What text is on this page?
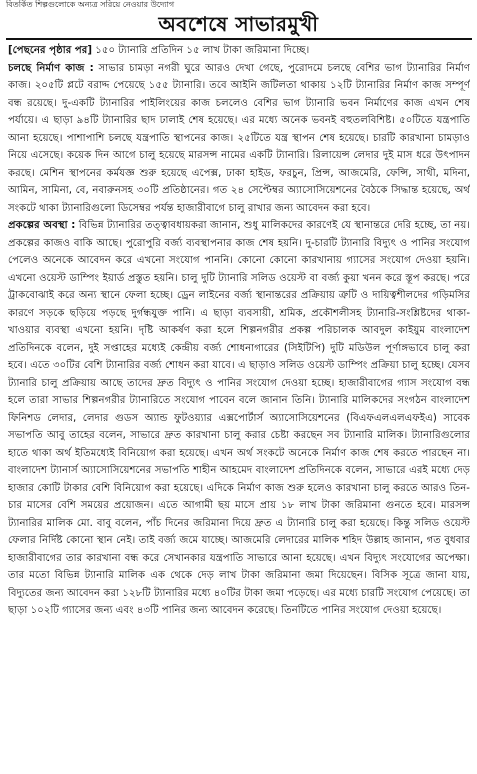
বিতর্কিত শিল্পগুলোকে অন্যত্র সরিয়ে নেওয়ার উদ্যোগ
অবশেষে সাভারমুখী

[পেছনের পৃষ্ঠার পর] ১৫০ ট্যানারি প্রতিদিন ১৫ লাখ টাকা জরিমানা দিচ্ছে।

চলছে নির্মাণ কাজ : সাভার চামড়া নগরী ঘুরে আরও দেখা গেছে, পুরোদমে চলছে বেশির ভাগ ট্যানারির নির্মাণ কাজ। ২০৫টি প্লটে বরাদ্দ পেয়েছে ১৫৫ ট্যানারি। তবে আইনি জটিলতা থাকায় ১২টি ট্যানারির নির্মাণ কাজ সম্পূর্ণ বন্ধ রয়েছে। দু-একটি ট্যানারির পাইলিংয়ের কাজ চললেও বেশির ভাগ ট্যানারি ভবন নির্মাণের কাজ এখন শেষ পর্যায়ে। এ ছাড়া ৯৪টি ট্যানারির ছাদ ঢালাই শেষ হয়েছে। এর মধ্যে অনেক ভবনই বহুতলবিশিষ্ট। ৫০টিতে যন্ত্রপাতি আনা হয়েছে। পাশাপাশি চলছে যন্ত্রপাতি স্থাপনের কাজ। ২৫টিতে যন্ত্র স্থাপন শেষ হয়েছে। চারটি কারখানা চামড়াও নিয়ে এসেছে। কয়েক দিন আগে চালু হয়েছে মারসন্স নামের একটি ট্যানারি। রিলায়েন্স লেদার দুই মাস ধরে উৎপাদন করছে। মেশিন স্থাপনের কর্মযজ্ঞ শুরু হয়েছে এপেক্স, ঢাকা হাইড, ফরচুন, প্রিন্স, আজমেরি, ফেন্সি, সাথী, মদিনা, আমিন, সামিনা, বে, নবারুনসহ ৩০টি প্রতিষ্ঠানের। গত ২৪ সেপ্টেম্বর অ্যাসোসিয়েশনের বৈঠকে সিদ্ধান্ত হয়েছে, অর্থ সংকটে থাকা ট্যানারিগুলো ডিসেম্বর পর্যন্ত হাজারীবাগে চালু রাখার জন্য আবেদন করা হবে।

প্রকল্পের অবস্থা : বিভিন্ন ট্যানারির তত্ত্বাবধায়করা জানান, শুধু মালিকদের কারণেই যে স্থানান্তরে দেরি হচ্ছে, তা নয়। প্রকল্পের কাজও বাকি আছে। পুরোপুরি বর্জ্য ব্যবস্থাপনার কাজ শেষ হয়নি। দু-চারটি ট্যানারি বিদ্যুৎ ও পানির সংযোগ পেলেও অনেকে আবেদন করে এখনো সংযোগ পাননি। কোনো কোনো কারখানায় গ্যাসের সংযোগ দেওয়া হয়নি। এখনো ওয়েস্ট ডাম্পিং ইয়ার্ড প্রস্তুত হয়নি। চালু দুটি ট্যানারি সলিড ওয়েস্ট বা বর্জ্য কুয়া খনন করে স্তূপ করছে। পরে ট্রাকবোঝাই করে অন্য স্থানে ফেলা হচ্ছে। ড্রেন লাইনের বর্জ্য স্থানান্তরের প্রক্রিয়ায় ত্রুটি ও দায়িত্বশীলদের গড়িমসির কারণে সড়কে ছড়িয়ে পড়ছে দুর্গন্ধযুক্ত পানি। এ ছাড়া ব্যবসায়ী, শ্রমিক, প্রকৌশলীসহ ট্যানারি-সংশ্লিষ্টদের থাকা-খাওয়ার ব্যবস্থা এখনো হয়নি। দৃষ্টি আকর্ষণ করা হলে শিল্পনগরীর প্রকল্প পরিচালক আবদুল কাইয়ুম বাংলাদেশ প্রতিদিনকে বলেন, দুই সপ্তাহের মধ্যেই কেন্দ্রীয় বর্জ্য শোধনাগারের (সিইটিপি) দুটি মডিউল পূর্ণাঙ্গভাবে চালু করা হবে। এতে ৩০টির বেশি ট্যানারির বর্জ্য শোধন করা যাবে। এ ছাড়াও সলিড ওয়েস্ট ডাম্পিং প্রক্রিয়া চালু হচ্ছে। যেসব ট্যানারি চালু প্রক্রিয়ায় আছে তাদের দ্রুত বিদ্যুৎ ও পানির সংযোগ দেওয়া হচ্ছে। হাজারীবাগের গ্যাস সংযোগ বন্ধ হলে তারা সাভার শিল্পনগরীর ট্যানারিতে সংযোগ পাবেন বলে জানান তিনি। ট্যানারি মালিকদের সংগঠন বাংলাদেশ ফিনিশড লেদার, লেদার গুডস অ্যান্ড ফুটওয়্যার এক্সপোর্টার্স অ্যাসোসিয়েশনের (বিএফএলএলএফইএ) সাবেক সভাপতি আবু তাহের বলেন, সাভারে দ্রুত কারখানা চালু করার চেষ্টা করছেন সব ট্যানারি মালিক। ট্যানারিগুলোর হাতে থাকা অর্থ ইতিমধ্যেই বিনিয়োগ করা হয়েছে। এখন অর্থ সংকটে অনেকে নির্মাণ কাজ শেষ করতে পারছেন না। বাংলাদেশ ট্যানার্স অ্যাসোসিয়েশনের সভাপতি শাহীন আহমেদ বাংলাদেশ প্রতিদিনকে বলেন, সাভারে এরই মধ্যে দেড় হাজার কোটি টাকার বেশি বিনিয়োগ করা হয়েছে। এদিকে নির্মাণ কাজ শুরু হলেও কারখানা চালু করতে আরও তিন-চার মাসের বেশি সময়ের প্রয়োজন। এতে আগামী ছয় মাসে প্রায় ১৮ লাখ টাকা জরিমানা গুনতে হবে। মারসন্স ট্যানারির মালিক মো. বাবু বলেন, পাঁচ দিনের জরিমানা দিয়ে দ্রুত এ ট্যানারি চালু করা হয়েছে। কিন্তু সলিড ওয়েস্ট ফেলার নির্দিষ্ট কোনো স্থান নেই। তাই বর্জ্য জমে যাচ্ছে। আজমেরি লেদারের মালিক শহিদ উল্লাহ জানান, গত বুধবার হাজারীবাগের তার কারখানা বন্ধ করে সেখানকার যন্ত্রপাতি সাভারে আনা হয়েছে। এখন বিদ্যুৎ সংযোগের অপেক্ষা। তার মতো বিভিন্ন ট্যানারি মালিক এক থেকে দেড় লাখ টাকা জরিমানা জমা দিয়েছেন। বিসিক সূত্রে জানা যায়, বিদ্যুতের জন্য আবেদন করা ১২৮টি ট্যানারির মধ্যে ৪০টির টাকা জমা পড়েছে। এর মধ্যে চারটি সংযোগ পেয়েছে। তা ছাড়া ১০২টি গ্যাসের জন্য এবং ৪৩টি পানির জন্য আবেদন করেছে। তিনটিতে পানির সংযোগ দেওয়া হয়েছে।
